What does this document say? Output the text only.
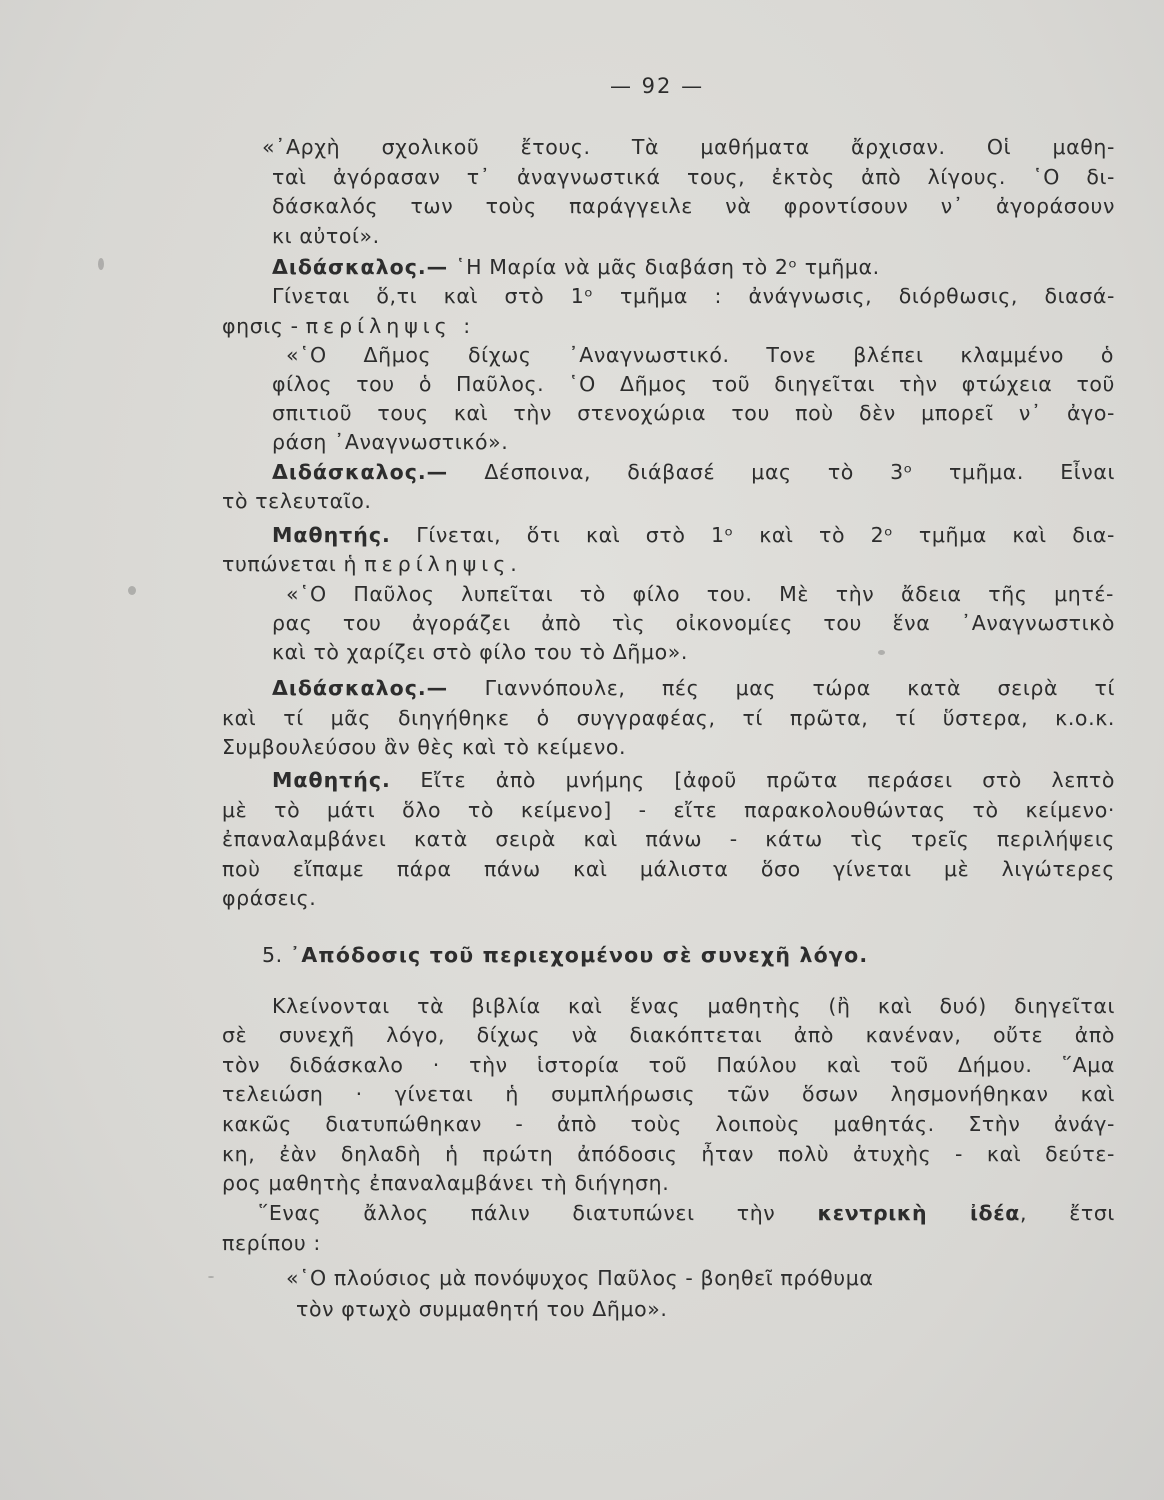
— 92 —
«᾽Αρχὴ σχολικοῦ ἔτους. Τὰ μαθήματα ἄρχισαν. Οἱ μαθη-
ταὶ ἀγόρασαν τ᾽ ἀναγνωστικά τους, ἐκτὸς ἀπὸ λίγους. ῾Ο δι-
δάσκαλός των τοὺς παράγγειλε νὰ φροντίσουν ν᾽ ἀγοράσουν
κι αὐτοί».
Διδάσκαλος.— ῾Η Μαρία νὰ μᾶς διαβάση τὸ 2ᵒ τμῆμα.
Γίνεται ὅ,τι καὶ στὸ 1ᵒ τμῆμα : ἀνάγνωσις, διόρθωσις, διασά-
φησις - περίληψις :
«῾Ο Δῆμος δίχως ᾽Αναγνωστικό. Τονε βλέπει κλαμμένο ὁ
φίλος του ὁ Παῦλος. ῾Ο Δῆμος τοῦ διηγεῖται τὴν φτώχεια τοῦ
σπιτιοῦ τους καὶ τὴν στενοχώρια του ποὺ δὲν μπορεῖ ν᾽ ἀγο-
ράση ᾽Αναγνωστικό».
Διδάσκαλος.— Δέσποινα, διάβασέ μας τὸ 3ᵒ τμῆμα. Εἶναι
τὸ τελευταῖο.
Μαθητής. Γίνεται, ὅτι καὶ στὸ 1ᵒ καὶ τὸ 2ᵒ τμῆμα καὶ δια-
τυπώνεται ἡ περίληψις.
«῾Ο Παῦλος λυπεῖται τὸ φίλο του. Μὲ τὴν ἄδεια τῆς μητέ-
ρας του ἀγοράζει ἀπὸ τὶς οἰκονομίες του ἕνα ᾽Αναγνωστικὸ
καὶ τὸ χαρίζει στὸ φίλο του τὸ Δῆμο».
Διδάσκαλος.— Γιαννόπουλε, πές μας τώρα κατὰ σειρὰ τί
καὶ τί μᾶς διηγήθηκε ὁ συγγραφέας, τί πρῶτα, τί ὕστερα, κ.ο.κ.
Συμβουλεύσου ἂν θὲς καὶ τὸ κείμενο.
Μαθητής. Εἴτε ἀπὸ μνήμης [ἀφοῦ πρῶτα περάσει στὸ λεπτὸ
μὲ τὸ μάτι ὅλο τὸ κείμενο] - εἴτε παρακολουθώντας τὸ κείμενο·
ἐπαναλαμβάνει κατὰ σειρὰ καὶ πάνω - κάτω τὶς τρεῖς περιλήψεις
ποὺ εἴπαμε πάρα πάνω καὶ μάλιστα ὅσο γίνεται μὲ λιγώτερες
φράσεις.
5. ᾽Απόδοσις τοῦ περιεχομένου σὲ συνεχῆ λόγο.
Κλείνονται τὰ βιβλία καὶ ἕνας μαθητὴς (ἢ καὶ δυό) διηγεῖται
σὲ συνεχῆ λόγο, δίχως νὰ διακόπτεται ἀπὸ κανέναν, οὔτε ἀπὸ
τὸν διδάσκαλο · τὴν ἱστορία τοῦ Παύλου καὶ τοῦ Δήμου. ῞Αμα
τελειώση · γίνεται ἡ συμπλήρωσις τῶν ὅσων λησμονήθηκαν καὶ
κακῶς διατυπώθηκαν - ἀπὸ τοὺς λοιποὺς μαθητάς. Στὴν ἀνάγ-
κη, ἐὰν δηλαδὴ ἡ πρώτη ἀπόδοσις ἦταν πολὺ ἀτυχὴς - καὶ δεύτε-
ρος μαθητὴς ἐπαναλαμβάνει τὴ διήγηση.
῞Ενας ἄλλος πάλιν διατυπώνει τὴν κεντρικὴ ἰδέα, ἔτσι
περίπου :
«῾Ο πλούσιος μὰ πονόψυχος Παῦλος - βοηθεῖ πρόθυμα
τὸν φτωχὸ συμμαθητή του Δῆμο».
